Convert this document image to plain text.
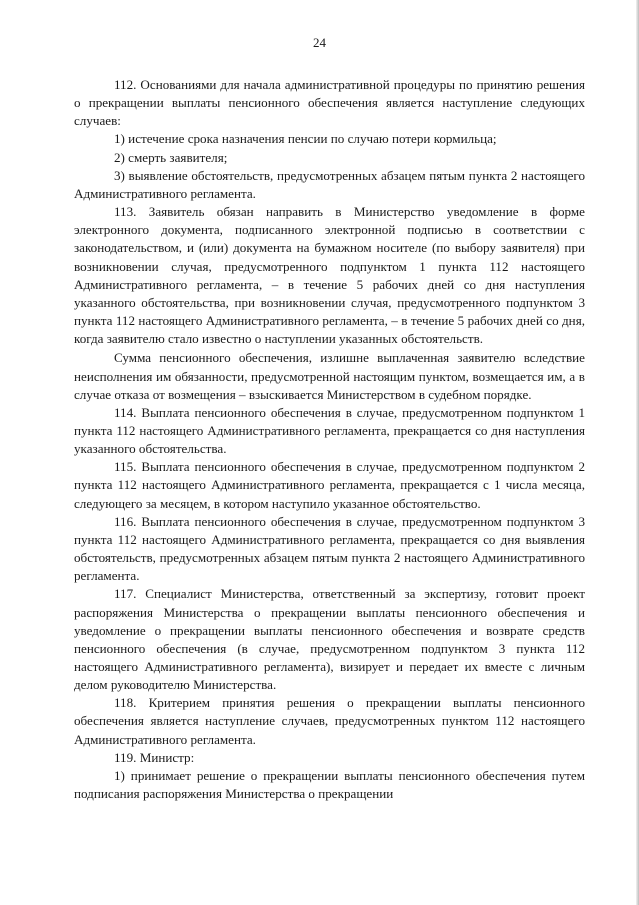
24

112. Основаниями для начала административной процедуры по принятию решения о прекращении выплаты пенсионного обеспечения является наступление следующих случаев:

1) истечение срока назначения пенсии по случаю потери кормильца;

2) смерть заявителя;

3) выявление обстоятельств, предусмотренных абзацем пятым пункта 2 настоящего Административного регламента.

113. Заявитель обязан направить в Министерство уведомление в форме электронного документа, подписанного электронной подписью в соответствии с законодательством, и (или) документа на бумажном носителе (по выбору заявителя) при возникновении случая, предусмотренного подпунктом 1 пункта 112 настоящего Административного регламента, – в течение 5 рабочих дней со дня наступления указанного обстоятельства, при возникновении случая, предусмотренного подпунктом 3 пункта 112 настоящего Административного регламента, – в течение 5 рабочих дней со дня, когда заявителю стало известно о наступлении указанных обстоятельств.

Сумма пенсионного обеспечения, излишне выплаченная заявителю вследствие неисполнения им обязанности, предусмотренной настоящим пунктом, возмещается им, а в случае отказа от возмещения – взыскивается Министерством в судебном порядке.

114. Выплата пенсионного обеспечения в случае, предусмотренном подпунктом 1 пункта 112 настоящего Административного регламента, прекращается со дня наступления указанного обстоятельства.

115. Выплата пенсионного обеспечения в случае, предусмотренном подпунктом 2 пункта 112 настоящего Административного регламента, прекращается с 1 числа месяца, следующего за месяцем, в котором наступило указанное обстоятельство.

116. Выплата пенсионного обеспечения в случае, предусмотренном подпунктом 3 пункта 112 настоящего Административного регламента, прекращается со дня выявления обстоятельств, предусмотренных абзацем пятым пункта 2 настоящего Административного регламента.

117. Специалист Министерства, ответственный за экспертизу, готовит проект распоряжения Министерства о прекращении выплаты пенсионного обеспечения и уведомление о прекращении выплаты пенсионного обеспечения и возврате средств пенсионного обеспечения (в случае, предусмотренном подпунктом 3 пункта 112 настоящего Административного регламента), визирует и передает их вместе с личным делом руководителю Министерства.

118. Критерием принятия решения о прекращении выплаты пенсионного обеспечения является наступление случаев, предусмотренных пунктом 112 настоящего Административного регламента.

119. Министр:

1) принимает решение о прекращении выплаты пенсионного обеспечения путем подписания распоряжения Министерства о прекращении
